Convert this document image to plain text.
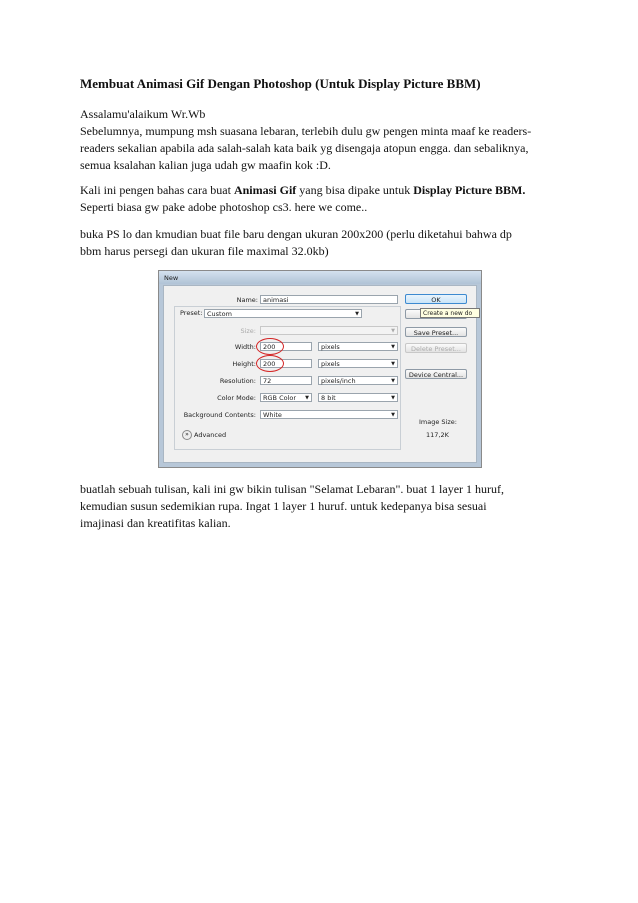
Membuat Animasi Gif Dengan Photoshop (Untuk Display Picture BBM)
Assalamu'alaikum Wr.Wb
Sebelumnya, mumpung msh suasana lebaran, terlebih dulu gw pengen minta maaf ke readers-
readers sekalian apabila ada salah-salah kata baik yg disengaja atopun engga. dan sebaliknya,
semua ksalahan kalian juga udah gw maafin kok :D.
Kali ini pengen bahas cara buat Animasi Gif yang bisa dipake untuk Display Picture BBM.
Seperti biasa gw pake adobe photoshop cs3. here we come..
buka PS lo dan kmudian buat file baru dengan ukuran 200x200 (perlu diketahui bahwa dp
bbm harus persegi dan ukuran file maximal 32.0kb)
New
Name: animasi
Preset: Custom	▼
Size:	▼
Width:	200	pixels	▼
Height:	200	pixels	▼
Resolution:	72	pixels/inch	▼
Color Mode:	RGB Color ▼	8 bit	▼
Background Contents:	White	▼
» Advanced
OK
Create a new do
Save Preset...
Delete Preset...
Device Central...
Image Size:
117,2K
buatlah sebuah tulisan, kali ini gw bikin tulisan "Selamat Lebaran". buat 1 layer 1 huruf,
kemudian susun sedemikian rupa. Ingat 1 layer 1 huruf. untuk kedepanya bisa sesuai
imajinasi dan kreatifitas kalian.
